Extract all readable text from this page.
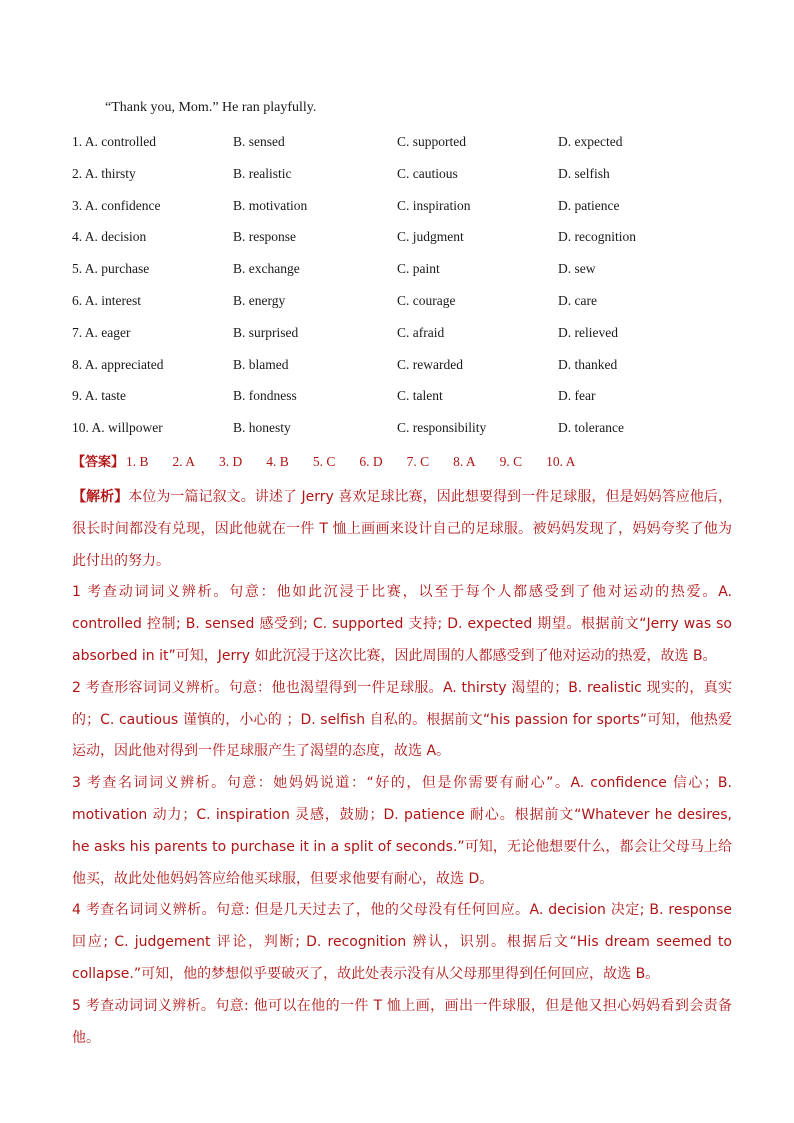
“Thank you, Mom.” He ran playfully.
1. A. controlled	B. sensed	C. supported	D. expected
2. A. thirsty	B. realistic	C. cautious	D. selfish
3. A. confidence	B. motivation	C. inspiration	D. patience
4. A. decision	B. response	C. judgment	D. recognition
5. A. purchase	B. exchange	C. paint	D. sew
6. A. interest	B. energy	C. courage	D. care
7. A. eager	B. surprised	C. afraid	D. relieved
8. A. appreciated	B. blamed	C. rewarded	D. thanked
9. A. taste	B. fondness	C. talent	D. fear
10. A. willpower	B. honesty	C. responsibility	D. tolerance
【答案】 1. B 2. A 3. D 4. B 5. C 6. D 7. C 8. A 9. C 10. A

【解析】本位为一篇记叙文。讲述了 Jerry 喜欢足球比赛，因此想要得到一件足球服，但是妈妈答应他后，很长时间都没有兑现，因此他就在一件 T 恤上画画来设计自己的足球服。被妈妈发现了，妈妈夸奖了他为此付出的努力。

1 考查动词词义辨析。句意：他如此沉浸于比赛，以至于每个人都感受到了他对运动的热爱。A. controlled 控制; B. sensed 感受到; C. supported 支持; D. expected 期望。根据前文“Jerry was so absorbed in it”可知，Jerry 如此沉浸于这次比赛，因此周围的人都感受到了他对运动的热爱，故选 B。

2 考查形容词词义辨析。句意：他也渴望得到一件足球服。A. thirsty 渴望的；B. realistic 现实的，真实的；C. cautious 谨慎的，小心的 ；D. selfish 自私的。根据前文“his passion for sports”可知，他热爱运动，因此他对得到一件足球服产生了渴望的态度，故选 A。

3 考查名词词义辨析。句意：她妈妈说道：“好的，但是你需要有耐心”。A. confidence 信心；B. motivation 动力；C. inspiration 灵感，鼓励；D. patience 耐心。根据前文“Whatever he desires, he asks his parents to purchase it in a split of seconds.”可知，无论他想要什么，都会让父母马上给他买，故此处他妈妈答应给他买球服，但要求他要有耐心，故选 D。

4 考查名词词义辨析。句意: 但是几天过去了，他的父母没有任何回应。A. decision 决定; B. response 回应; C. judgement 评论，判断; D. recognition 辨认，识别。根据后文“His dream seemed to collapse.”可知，他的梦想似乎要破灭了，故此处表示没有从父母那里得到任何回应，故选 B。

5 考查动词词义辨析。句意: 他可以在他的一件 T 恤上画，画出一件球服，但是他又担心妈妈看到会责备他。
